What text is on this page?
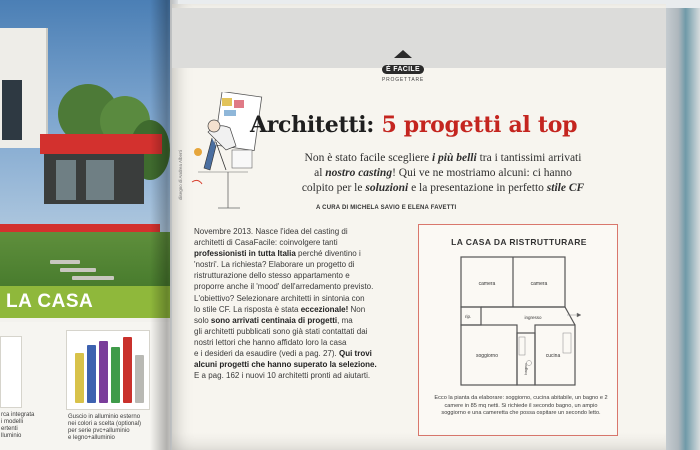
LA CASA
rca integrata
i modelli
ertenti
lluminio
Guscio in alluminio esterno
nei colori a scelta (optional)
per serie pvc+alluminio
e legno+alluminio
È FACILE
PROGETTARE
disegno di Andrea Alberti
Architetti: 5 progetti al top
Non è stato facile scegliere i più belli tra i tantissimi arrivati
al nostro casting! Qui ve ne mostriamo alcuni: ci hanno
colpito per le soluzioni e la presentazione in perfetto stile CF
A CURA DI MICHELA SAVIO E ELENA FAVETTI
Novembre 2013. Nasce l'idea del casting di
architetti di CasaFacile: coinvolgere tanti
professionisti in tutta Italia perché diventino i
'nostri'. La richiesta? Elaborare un progetto di
ristrutturazione dello stesso appartamento e
proporre anche il 'mood' dell'arredamento previsto.
L'obiettivo? Selezionare architetti in sintonia con
lo stile CF. La risposta è stata eccezionale! Non
solo sono arrivati centinaia di progetti, ma
gli architetti pubblicati sono già stati contattati dai
nostri lettori che hanno affidato loro la casa
e i desideri da esaudire (vedi a pag. 27). Qui trovi
alcuni progetti che hanno superato la selezione.
E a pag. 162 i nuovi 10 architetti pronti ad aiutarti.
LA CASA DA RISTRUTTURARE
camera	camera
rip.	ingresso
soggiorno
bagno
cucina
Ecco la pianta da elaborare: soggiorno, cucina abitabile, un bagno e 2 camere in 85 mq netti. Si richiede il secondo bagno, un ampio soggiorno e una cameretta che possa ospitare un secondo letto.
